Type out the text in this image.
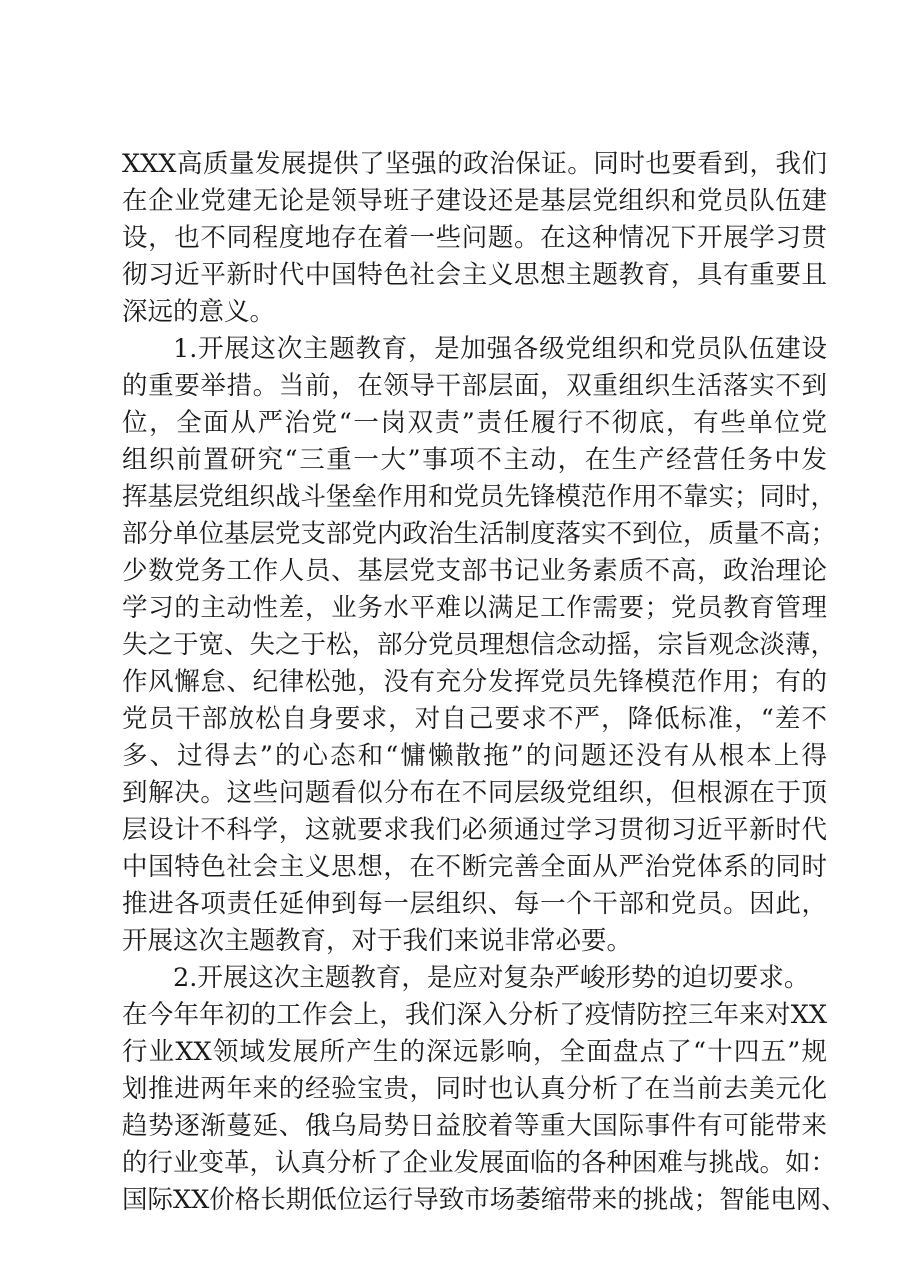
XXX高质量发展提供了坚强的政治保证。同时也要看到，我们
在企业党建无论是领导班子建设还是基层党组织和党员队伍建
设，也不同程度地存在着一些问题。在这种情况下开展学习贯
彻习近平新时代中国特色社会主义思想主题教育，具有重要且
深远的意义。
1.开展这次主题教育，是加强各级党组织和党员队伍建设
的重要举措。当前，在领导干部层面，双重组织生活落实不到
位，全面从严治党“一岗双责”责任履行不彻底，有些单位党
组织前置研究“三重一大”事项不主动，在生产经营任务中发
挥基层党组织战斗堡垒作用和党员先锋模范作用不靠实；同时，
部分单位基层党支部党内政治生活制度落实不到位，质量不高；
少数党务工作人员、基层党支部书记业务素质不高，政治理论
学习的主动性差，业务水平难以满足工作需要；党员教育管理
失之于宽、失之于松，部分党员理想信念动摇，宗旨观念淡薄，
作风懈怠、纪律松弛，没有充分发挥党员先锋模范作用；有的
党员干部放松自身要求，对自己要求不严，降低标准，“差不
多、过得去”的心态和“慵懒散拖”的问题还没有从根本上得
到解决。这些问题看似分布在不同层级党组织，但根源在于顶
层设计不科学，这就要求我们必须通过学习贯彻习近平新时代
中国特色社会主义思想，在不断完善全面从严治党体系的同时
推进各项责任延伸到每一层组织、每一个干部和党员。因此，
开展这次主题教育，对于我们来说非常必要。
2.开展这次主题教育，是应对复杂严峻形势的迫切要求。
在今年年初的工作会上，我们深入分析了疫情防控三年来对XX
行业XX领域发展所产生的深远影响，全面盘点了“十四五”规
划推进两年来的经验宝贵，同时也认真分析了在当前去美元化
趋势逐渐蔓延、俄乌局势日益胶着等重大国际事件有可能带来
的行业变革，认真分析了企业发展面临的各种困难与挑战。如：
国际XX价格长期低位运行导致市场萎缩带来的挑战；智能电网、
